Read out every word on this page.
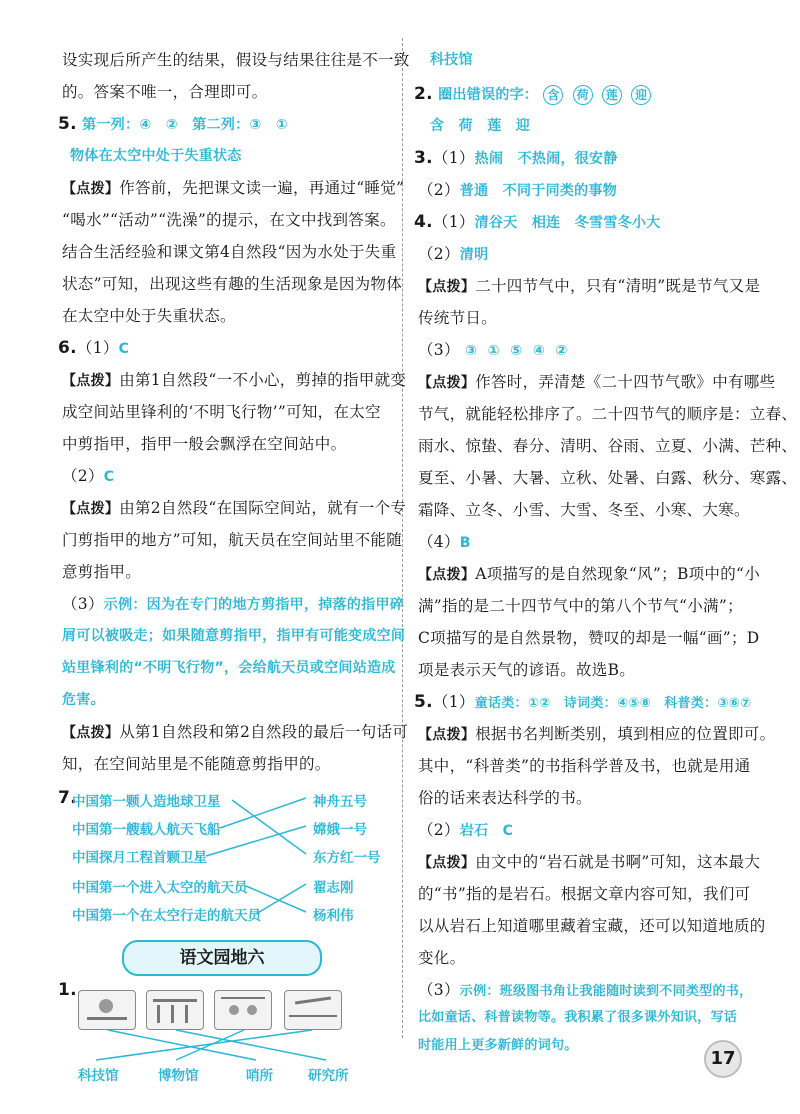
设实现后所产生的结果，假设与结果往往是不一致
的。答案不唯一，合理即可。
5. 第一列：④　②　第二列：③　①
物体在太空中处于失重状态
【点拨】作答前，先把课文读一遍，再通过“睡觉”
“喝水”“活动”“洗澡”的提示，在文中找到答案。
结合生活经验和课文第4自然段“因为水处于失重
状态”可知，出现这些有趣的生活现象是因为物体
在太空中处于失重状态。
6.（1）C
【点拨】由第1自然段“一不小心，剪掉的指甲就变
成空间站里锋利的‘不明飞行物’”可知，在太空
中剪指甲，指甲一般会飘浮在空间站中。
（2）C
【点拨】由第2自然段“在国际空间站，就有一个专
门剪指甲的地方”可知，航天员在空间站里不能随
意剪指甲。
（3）示例：因为在专门的地方剪指甲，掉落的指甲碎
屑可以被吸走；如果随意剪指甲，指甲有可能变成空间
站里锋利的“不明飞行物”，会给航天员或空间站造成
危害。
【点拨】从第1自然段和第2自然段的最后一句话可
知，在空间站里是不能随意剪指甲的。
7.
中国第一颗人造地球卫星
中国第一艘载人航天飞船
中国探月工程首颗卫星
中国第一个进入太空的航天员
中国第一个在太空行走的航天员
神舟五号
嫦娥一号
东方红一号
翟志刚
杨利伟
语文园地六
1.
科技馆	博物馆	哨所	研究所
科技馆
2. 圈出错误的字： 含 荷 莲 迎
含　荷　莲　迎
3.（1）热闹　不热闹，很安静
（2）普通　不同于同类的事物
4.（1）清谷天　相连　冬雪雪冬小大
（2）清明
【点拨】二十四节气中，只有“清明”既是节气又是
传统节日。
（3） ③ ① ⑤ ④ ②
【点拨】作答时，弄清楚《二十四节气歌》中有哪些
节气，就能轻松排序了。二十四节气的顺序是：立春、
雨水、惊蛰、春分、清明、谷雨、立夏、小满、芒种、
夏至、小暑、大暑、立秋、处暑、白露、秋分、寒露、
霜降、立冬、小雪、大雪、冬至、小寒、大寒。
（4）B
【点拨】A项描写的是自然现象“风”；B项中的“小
满”指的是二十四节气中的第八个节气“小满”；
C项描写的是自然景物，赞叹的却是一幅“画”；D
项是表示天气的谚语。故选B。
5.（1）童话类：①②　诗词类：④⑤⑧　科普类：③⑥⑦
【点拨】根据书名判断类别，填到相应的位置即可。
其中，“科普类”的书指科学普及书，也就是用通
俗的话来表达科学的书。
（2）岩石　C
【点拨】由文中的“岩石就是书啊”可知，这本最大
的“书”指的是岩石。根据文章内容可知，我们可
以从岩石上知道哪里藏着宝藏，还可以知道地质的
变化。
（3）示例：班级图书角让我能随时读到不同类型的书，
比如童话、科普读物等。我积累了很多课外知识，写话
时能用上更多新鲜的词句。
17
